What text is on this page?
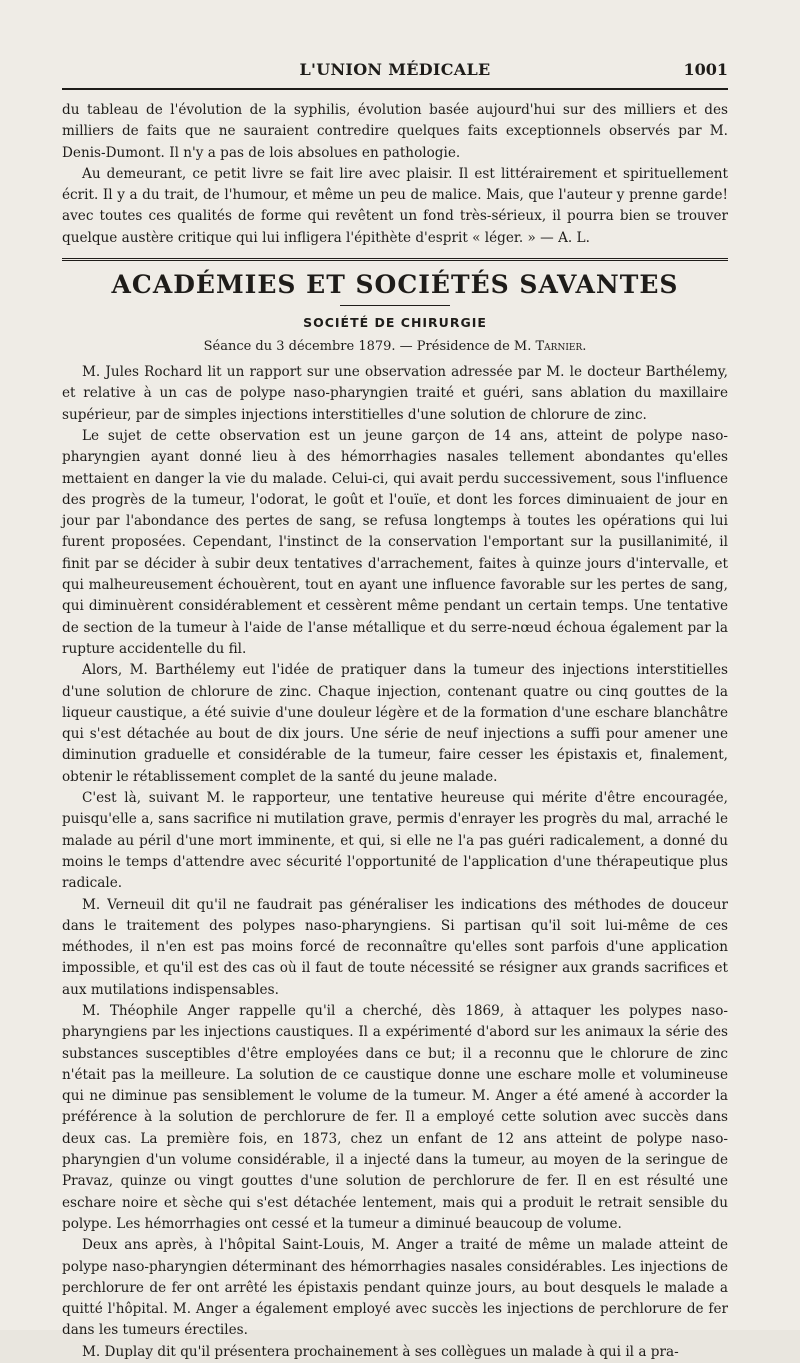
L'UNION MÉDICALE	1001

du tableau de l'évolution de la syphilis, évolution basée aujourd'hui sur des milliers et des milliers de faits que ne sauraient contredire quelques faits exceptionnels observés par M. Denis-Dumont. Il n'y a pas de lois absolues en pathologie.

Au demeurant, ce petit livre se fait lire avec plaisir. Il est littérairement et spirituellement écrit. Il y a du trait, de l'humour, et même un peu de malice. Mais, que l'auteur y prenne garde! avec toutes ces qualités de forme qui revêtent un fond très-sérieux, il pourra bien se trouver quelque austère critique qui lui infligera l'épithète d'esprit « léger. » — A. L.

ACADÉMIES ET SOCIÉTÉS SAVANTES
SOCIÉTÉ DE CHIRURGIE
Séance du 3 décembre 1879. — Présidence de M. Tarnier.

M. Jules Rochard lit un rapport sur une observation adressée par M. le docteur Barthélemy, et relative à un cas de polype naso-pharyngien traité et guéri, sans ablation du maxillaire supérieur, par de simples injections interstitielles d'une solution de chlorure de zinc.

Le sujet de cette observation est un jeune garçon de 14 ans, atteint de polype naso-pharyngien ayant donné lieu à des hémorrhagies nasales tellement abondantes qu'elles mettaient en danger la vie du malade. Celui-ci, qui avait perdu successivement, sous l'influence des progrès de la tumeur, l'odorat, le goût et l'ouïe, et dont les forces diminuaient de jour en jour par l'abondance des pertes de sang, se refusa longtemps à toutes les opérations qui lui furent proposées. Cependant, l'instinct de la conservation l'emportant sur la pusillanimité, il finit par se décider à subir deux tentatives d'arrachement, faites à quinze jours d'intervalle, et qui malheureusement échouèrent, tout en ayant une influence favorable sur les pertes de sang, qui diminuèrent considérablement et cessèrent même pendant un certain temps. Une tentative de section de la tumeur à l'aide de l'anse métallique et du serre-nœud échoua également par la rupture accidentelle du fil.

Alors, M. Barthélemy eut l'idée de pratiquer dans la tumeur des injections interstitielles d'une solution de chlorure de zinc. Chaque injection, contenant quatre ou cinq gouttes de la liqueur caustique, a été suivie d'une douleur légère et de la formation d'une eschare blanchâtre qui s'est détachée au bout de dix jours. Une série de neuf injections a suffi pour amener une diminution graduelle et considérable de la tumeur, faire cesser les épistaxis et, finalement, obtenir le rétablissement complet de la santé du jeune malade.

C'est là, suivant M. le rapporteur, une tentative heureuse qui mérite d'être encouragée, puisqu'elle a, sans sacrifice ni mutilation grave, permis d'enrayer les progrès du mal, arraché le malade au péril d'une mort imminente, et qui, si elle ne l'a pas guéri radicalement, a donné du moins le temps d'attendre avec sécurité l'opportunité de l'application d'une thérapeutique plus radicale.

M. Verneuil dit qu'il ne faudrait pas généraliser les indications des méthodes de douceur dans le traitement des polypes naso-pharyngiens. Si partisan qu'il soit lui-même de ces méthodes, il n'en est pas moins forcé de reconnaître qu'elles sont parfois d'une application impossible, et qu'il est des cas où il faut de toute nécessité se résigner aux grands sacrifices et aux mutilations indispensables.

M. Théophile Anger rappelle qu'il a cherché, dès 1869, à attaquer les polypes naso-pharyngiens par les injections caustiques. Il a expérimenté d'abord sur les animaux la série des substances susceptibles d'être employées dans ce but; il a reconnu que le chlorure de zinc n'était pas la meilleure. La solution de ce caustique donne une eschare molle et volumineuse qui ne diminue pas sensiblement le volume de la tumeur. M. Anger a été amené à accorder la préférence à la solution de perchlorure de fer. Il a employé cette solution avec succès dans deux cas. La première fois, en 1873, chez un enfant de 12 ans atteint de polype naso-pharyngien d'un volume considérable, il a injecté dans la tumeur, au moyen de la seringue de Pravaz, quinze ou vingt gouttes d'une solution de perchlorure de fer. Il en est résulté une eschare noire et sèche qui s'est détachée lentement, mais qui a produit le retrait sensible du polype. Les hémorrhagies ont cessé et la tumeur a diminué beaucoup de volume.

Deux ans après, à l'hôpital Saint-Louis, M. Anger a traité de même un malade atteint de polype naso-pharyngien déterminant des hémorrhagies nasales considérables. Les injections de perchlorure de fer ont arrêté les épistaxis pendant quinze jours, au bout desquels le malade a quitté l'hôpital. M. Anger a également employé avec succès les injections de perchlorure de fer dans les tumeurs érectiles.

M. Duplay dit qu'il présentera prochainement à ses collègues un malade à qui il a pra-
